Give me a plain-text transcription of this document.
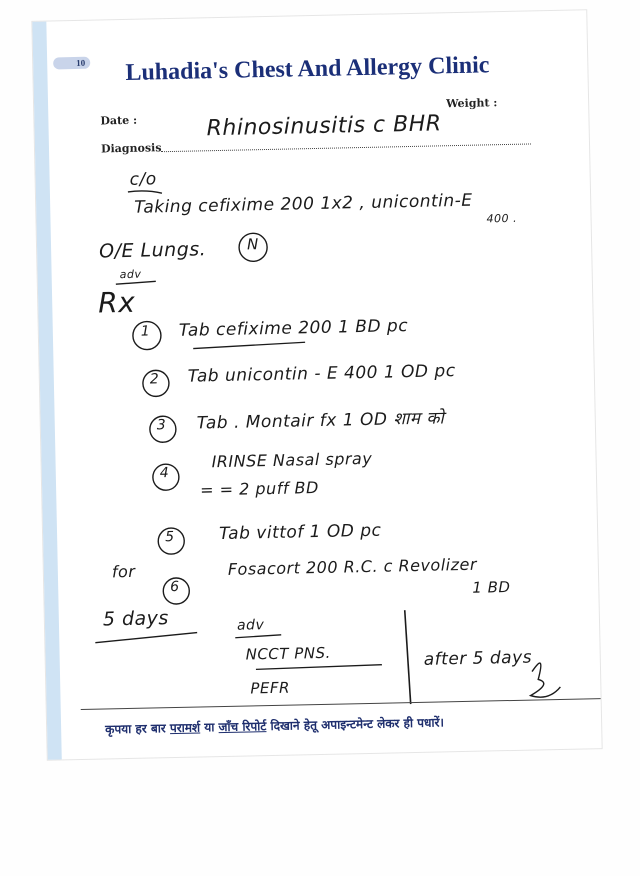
10 Luhadia's Chest And Allergy Clinic
Date :
Weight :
Diagnosis
Rhinosinusitis c BHR
c/o
Taking cefixime 200 1x2 , unicontin-E
400 .
O/E Lungs.	N
adv
Rx
1 Tab cefixime 200 1 BD pc
2 Tab unicontin - E 400 1 OD pc
3 Tab . Montair fx 1 OD शाम को
4
IRINSE Nasal spray
= = 2 puff BD
5	Tab vittof 1 OD pc
for
6
Fosacort 200 R.C. c Revolizer
1 BD
5 days	adv
NCCT PNS.
PEFR
after 5 days
कृपया हर बार परामर्श या जाँच रिपोर्ट दिखाने हेतू अपाइन्टमेन्ट लेकर ही पधारें।
